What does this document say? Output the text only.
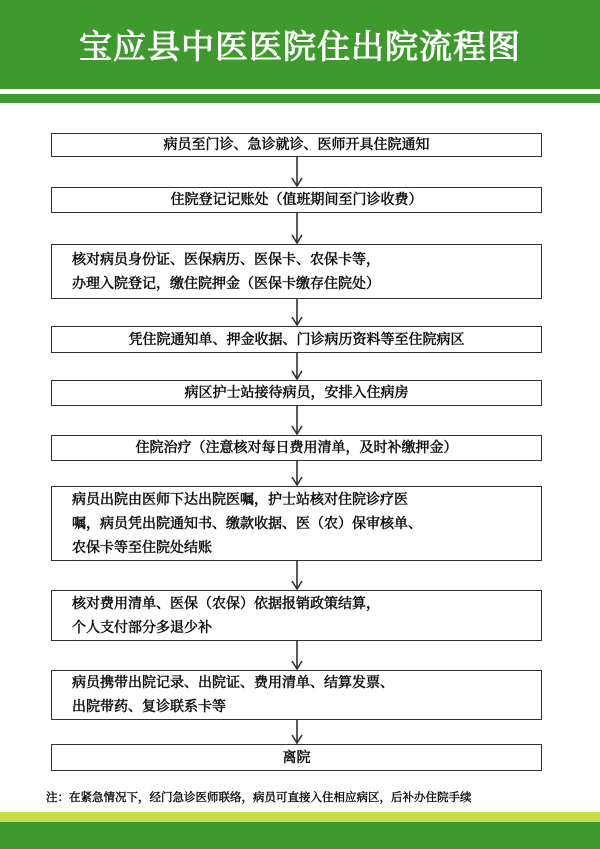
宝应县中医医院住出院流程图
病员至门诊、急诊就诊、医师开具住院通知
住院登记记账处（值班期间至门诊收费）
核对病员身份证、医保病历、医保卡、农保卡等，
办理入院登记，缴住院押金（医保卡缴存住院处）
凭住院通知单、押金收据、门诊病历资料等至住院病区
病区护士站接待病员，安排入住病房
住院治疗（注意核对每日费用清单，及时补缴押金）
病员出院由医师下达出院医嘱，护士站核对住院诊疗医
嘱，病员凭出院通知书、缴款收据、医（农）保审核单、
农保卡等至住院处结账
核对费用清单、医保（农保）依据报销政策结算，
个人支付部分多退少补
病员携带出院记录、出院证、费用清单、结算发票、
出院带药、复诊联系卡等
离院
注：在紧急情况下，经门急诊医师联络，病员可直接入住相应病区，后补办住院手续
